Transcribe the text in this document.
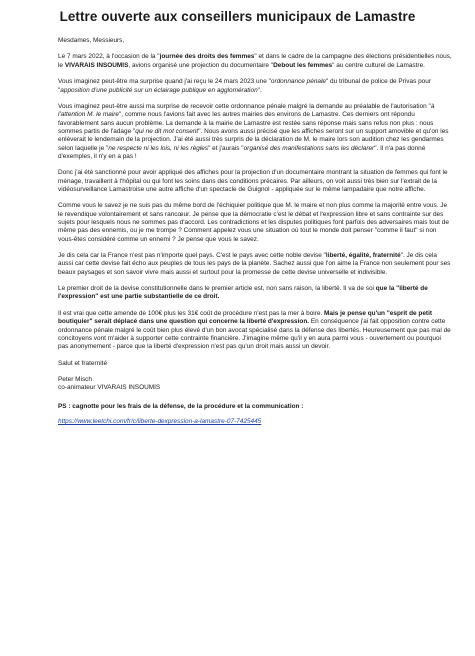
Lettre ouverte aux conseillers municipaux de Lamastre

Mesdames, Messieurs,

Le 7 mars 2022, à l'occasion de la "journée des droits des femmes" et dans le cadre de la campagne des élections présidentielles nous, le VIVARAIS INSOUMIS, avions organisé une projection du documentaire "Debout les femmes" au centre culturel de Lamastre.

Vous imaginez peut-être ma surprise quand j'ai reçu le 24 mars 2023 une "ordonnance pénale" du tribunal de police de Privas pour "apposition d'une publicité sur un éclairage publique en agglomération".

Vous imaginez peut-être aussi ma surprise de recevoir cette ordonnance pénale malgré la demande au préalable de l'autorisation "à l'attention M. le maire", comme nous l'avions fait avec les autres mairies des environs de Lamastre. Ces derniers ont répondu favorablement sans aucun problème. La demande à la mairie de Lamastre est restée sans réponse mais sans refus non plus : nous sommes partis de l'adage "qui ne dit mot consent". Nous avons aussi précisé que les affiches seront sur un support amovible et qu'on les enlèverait le lendemain de la projection. J'ai été aussi très surpris de la déclaration de M. le maire lors son audition chez les gendarmes selon laquelle je "ne respecte ni les lois, ni les règles" et j'aurais "organisé des manifestations sans les déclarer". Il n'a pas donné d'exemples, il n'y en a pas !

Donc j'ai été sanctionné pour avoir appliqué des affiches pour la projection d'un documentaire montrant la situation de femmes qui font le ménage, travaillent à l'hôpital ou qui font les soins dans des conditions précaires. Par ailleurs, on voit aussi très bien sur l'extrait de la vidéosurveillance Lamastroise une autre affiche d'un spectacle de Guignol - appliquée sur le même lampadaire que notre affiche.

Comme vous le savez je ne suis pas du même bord de l'échiquier politique que M. le maire et non plus comme la majorité entre vous. Je le revendique volontairement et sans rancœur. Je pense que la démocratie c'est le débat et l'expression libre et sans contrainte sur des sujets pour lesquels nous ne sommes pas d'accord. Les contradictions et les disputes politiques font parfois des adversaires mais tout de même pas des ennemis, ou je me trompe ? Comment appelez vous une situation où tout le monde doit penser "comme il faut" si non vous-êtes considéré comme un ennemi ? Je pense que vous le savez.

Je dis cela car la France n'est pas n'importe quel pays. C'est le pays avec cette noble devise "liberté, égalité, fraternité". Je dis cela aussi car cette devise fait écho aux peuples de tous les pays de la planète. Sachez aussi que l'on aime la France non seulement pour ses beaux paysages et son savoir vivre mais aussi et surtout pour la promesse de cette devise universelle et indivisible.

Le premier droit de la devise constitutionnelle dans le premier article est, non sans raison, la liberté. Il va de soi que la "liberté de l'expression" est une partie substantielle de ce droit.

Il est vrai que cette amende de 100€ plus les 31€ coût de procédure n'est pas la mer à boire. Mais je pense qu'un "esprit de petit boutiquier" serait déplacé dans une question qui concerne la liberté d'expression. En conséquence j'ai fait opposition contre cette ordonnance pénale malgré le coût bien plus élevé d'un bon avocat spécialisé dans la défense des libertés. Heureusement que pas mal de concitoyens vont m'aider à supporter cette contrainte financière. J'imagine même qu'il y en aura parmi vous - ouvertement ou pourquoi pas anonymement - parce que la liberté d'expression n'est pas qu'un droit mais aussi un devoir.

Salut et fraternité

Peter Misch

co-animateur VIVARAIS INSOUMIS

PS : cagnotte pour les frais de la défense, de la procédure et la communication :

https://www.leetchi.com/fr/c/liberte-dexpression-a-lamastre-07-7425445
